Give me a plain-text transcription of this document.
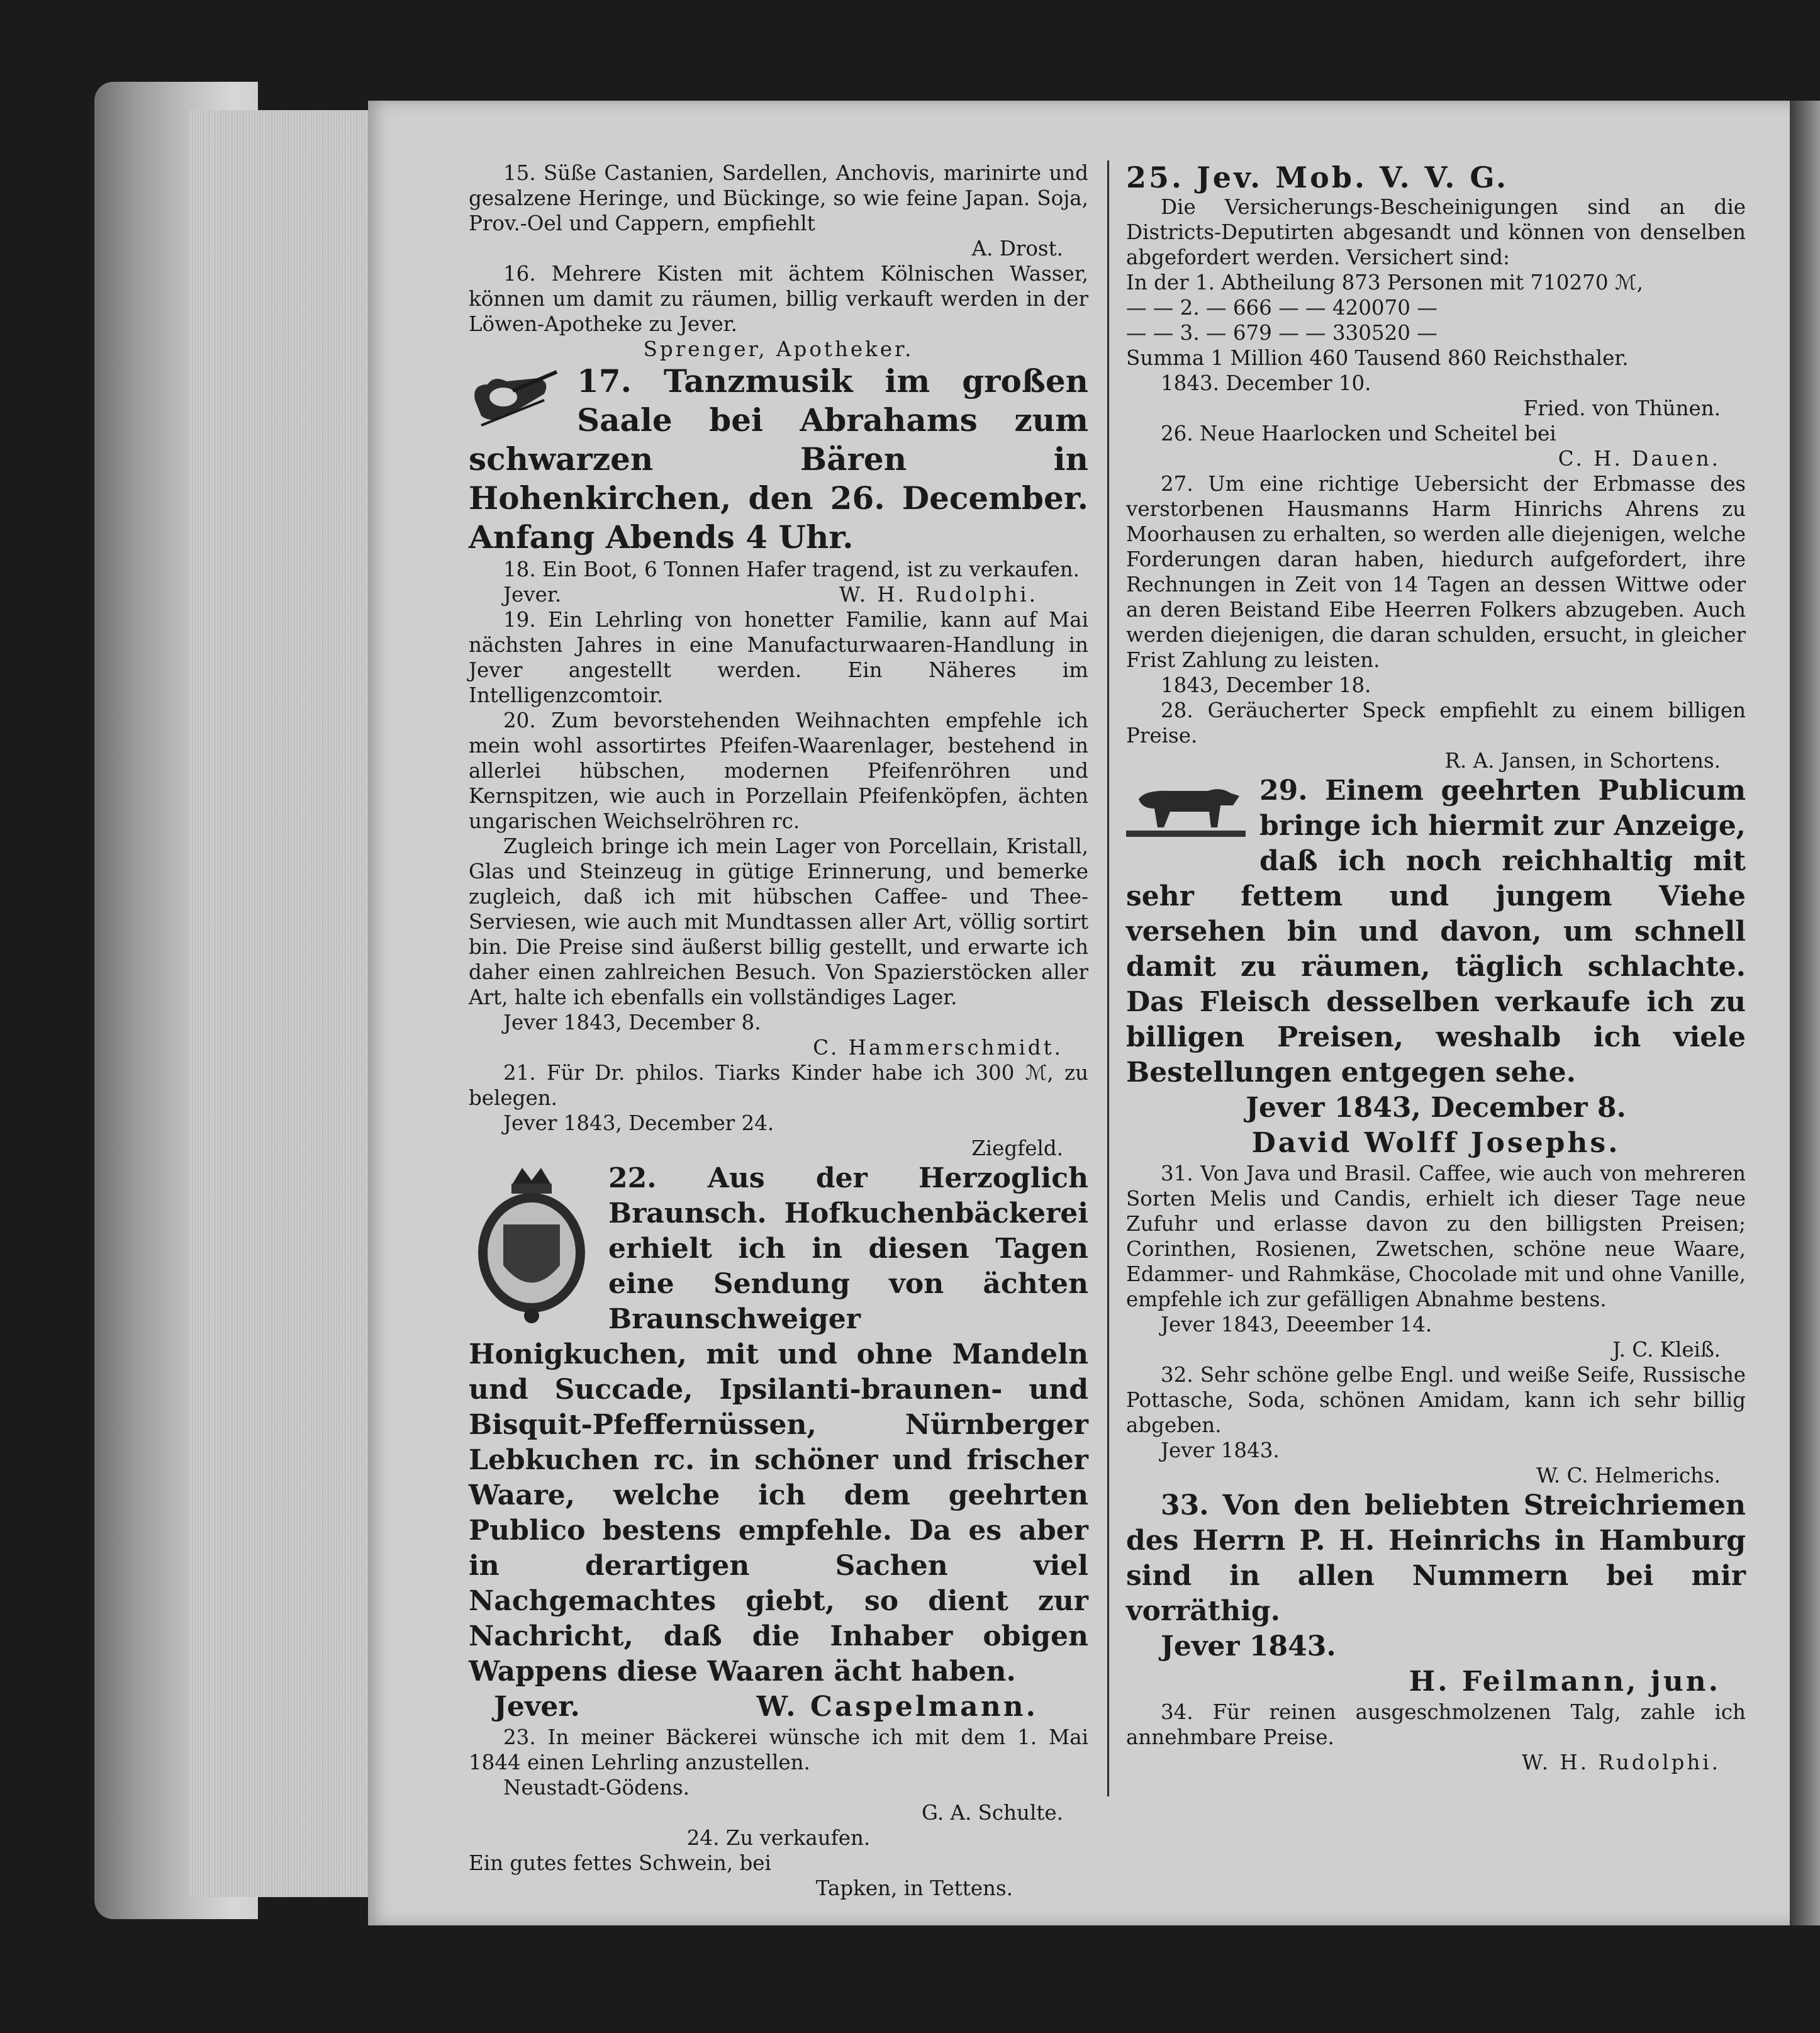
15. Süße Castanien, Sardellen, Anchovis, marinirte und gesalzene Heringe, und Bückinge, so wie feine Japan. Soja, Prov.-Oel und Cappern, empfiehlt

A. Drost.

16. Mehrere Kisten mit ächtem Kölnischen Wasser, können um damit zu räumen, billig verkauft werden in der Löwen-Apotheke zu Jever.

Sprenger, Apotheker.

17. Tanzmusik im großen Saale bei Abrahams zum schwarzen Bären in Hohenkirchen, den 26. December. Anfang Abends 4 Uhr.

18. Ein Boot, 6 Tonnen Hafer tragend, ist zu verkaufen.

Jever.	W. H. Rudolphi.

19. Ein Lehrling von honetter Familie, kann auf Mai nächsten Jahres in eine Manufacturwaaren-Handlung in Jever angestellt werden. Ein Näheres im Intelligenzcomtoir.

20. Zum bevorstehenden Weihnachten empfehle ich mein wohl assortirtes Pfeifen-Waarenlager, bestehend in allerlei hübschen, modernen Pfeifenröhren und Kernspitzen, wie auch in Porzellain Pfeifenköpfen, ächten ungarischen Weichselröhren rc.

Zugleich bringe ich mein Lager von Porcellain, Kristall, Glas und Steinzeug in gütige Erinnerung, und bemerke zugleich, daß ich mit hübschen Caffee- und Thee-Serviesen, wie auch mit Mundtassen aller Art, völlig sortirt bin. Die Preise sind äußerst billig gestellt, und erwarte ich daher einen zahlreichen Besuch. Von Spazierstöcken aller Art, halte ich ebenfalls ein vollständiges Lager.

Jever 1843, December 8.

C. Hammerschmidt.

21. Für Dr. philos. Tiarks Kinder habe ich 300 ℳ, zu belegen.

Jever 1843, December 24.

Ziegfeld.

22. Aus der Herzoglich Braunsch. Hofkuchenbäckerei erhielt ich in diesen Tagen eine Sendung von ächten Braunschweiger Honigkuchen, mit und ohne Mandeln und Succade, Ipsilanti-braunen- und Bisquit-Pfeffernüssen, Nürnberger Lebkuchen rc. in schöner und frischer Waare, welche ich dem geehrten Publico bestens empfehle. Da es aber in derartigen Sachen viel Nachgemachtes giebt, so dient zur Nachricht, daß die Inhaber obigen Wappens diese Waaren ächt haben.

Jever.	W. Caspelmann.

23. In meiner Bäckerei wünsche ich mit dem 1. Mai 1844 einen Lehrling anzustellen.

Neustadt-Gödens.

G. A. Schulte.

24. Zu verkaufen.

Ein gutes fettes Schwein, bei

Tapken, in Tettens.

25. Jev. Mob. V. V. G.

Die Versicherungs-Bescheinigungen sind an die Districts-Deputirten abgesandt und können von denselben abgefordert werden. Versichert sind:

In der 1. Abtheilung 873 Personen mit 710270 ℳ,

— — 2. — 666 — — 420070 —

— — 3. — 679 — — 330520 —

Summa 1 Million 460 Tausend 860 Reichsthaler.

1843. December 10.

Fried. von Thünen.

26. Neue Haarlocken und Scheitel bei

C. H. Dauen.

27. Um eine richtige Uebersicht der Erbmasse des verstorbenen Hausmanns Harm Hinrichs Ahrens zu Moorhausen zu erhalten, so werden alle diejenigen, welche Forderungen daran haben, hiedurch aufgefordert, ihre Rechnungen in Zeit von 14 Tagen an dessen Wittwe oder an deren Beistand Eibe Heerren Folkers abzugeben. Auch werden diejenigen, die daran schulden, ersucht, in gleicher Frist Zahlung zu leisten.

1843, December 18.

28. Geräucherter Speck empfiehlt zu einem billigen Preise.

R. A. Jansen, in Schortens.

29. Einem geehrten Publicum bringe ich hiermit zur Anzeige, daß ich noch reichhaltig mit sehr fettem und jungem Viehe versehen bin und davon, um schnell damit zu räumen, täglich schlachte. Das Fleisch desselben verkaufe ich zu billigen Preisen, weshalb ich viele Bestellungen entgegen sehe.

Jever 1843, December 8.

David Wolff Josephs.

31. Von Java und Brasil. Caffee, wie auch von mehreren Sorten Melis und Candis, erhielt ich dieser Tage neue Zufuhr und erlasse davon zu den billigsten Preisen; Corinthen, Rosienen, Zwetschen, schöne neue Waare, Edammer- und Rahmkäse, Chocolade mit und ohne Vanille, empfehle ich zur gefälligen Abnahme bestens.

Jever 1843, Deeember 14.

J. C. Kleiß.

32. Sehr schöne gelbe Engl. und weiße Seife, Russische Pottasche, Soda, schönen Amidam, kann ich sehr billig abgeben.

Jever 1843.

W. C. Helmerichs.

33. Von den beliebten Streichriemen des Herrn P. H. Heinrichs in Hamburg sind in allen Nummern bei mir vorräthig.

Jever 1843.

H. Feilmann, jun.

34. Für reinen ausgeschmolzenen Talg, zahle ich annehmbare Preise.

W. H. Rudolphi.
